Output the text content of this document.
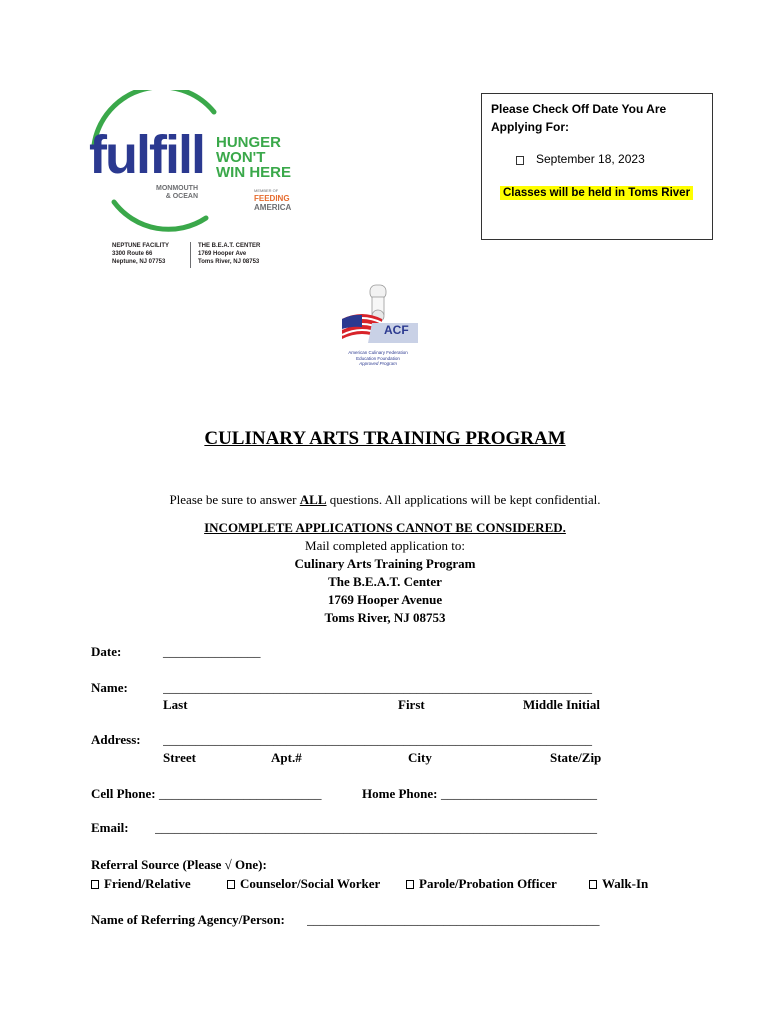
fulfill HUNGER
WON'T
WIN HERE
MONMOUTH
& OCEAN
MEMBER OF
FEEDING
AMERICA
NEPTUNE FACILITY
3300 Route 66
Neptune, NJ 07753
THE B.E.A.T. CENTER
1769 Hooper Ave
Toms River, NJ 08753
Please Check Off Date You Are
Applying For:
September 18, 2023
Classes will be held in Toms River
ACF
American Culinary Federation
Education Foundation
Approved Program
CULINARY ARTS TRAINING PROGRAM
Please be sure to answer ALL questions. All applications will be kept confidential.
INCOMPLETE APPLICATIONS CANNOT BE CONSIDERED.
Mail completed application to:
Culinary Arts Training Program
The B.E.A.T. Center
1769 Hooper Avenue
Toms River, NJ 08753
Date:	_______________
Name:	__________________________________________________________________
Last	First	Middle Initial
Address: __________________________________________________________________
Street	Apt.#	City	State/Zip
Cell Phone: _________________________	Home Phone: ________________________
Email: ____________________________________________________________________
Referral Source (Please √ One):
Friend/Relative	Counselor/Social Worker	Parole/Probation Officer	Walk-In
Name of Referring Agency/Person: _____________________________________________
